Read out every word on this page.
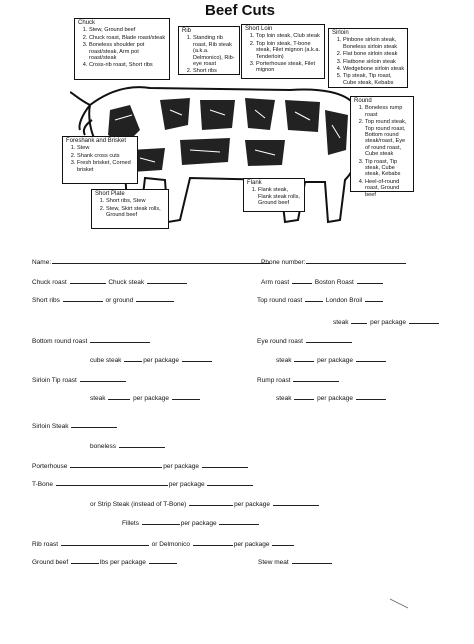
Beef Cuts
Chuck
1. Stew, Ground beef
2. Chuck roast, Blade roast/steak
3. Boneless shoulder pot roast/steak, Arm pot roast/steak
4. Cross-rib roast, Short ribs
Rib
1. Standing rib roast, Rib steak (a.k.a. Delmonico), Rib-eye roast
2. Short ribs
Short Loin
1. Top loin steak, Club steak
2. Top loin steak, T-bone steak, Filet mignon (a.k.a. Tenderloin)
3. Porterhouse steak, Filet mignon
Sirloin
1. Pinbone sirloin steak, Boneless sirloin steak
2. Flat bone sirloin steak
3. Flatbone sirloin steak
4. Wedgebone sirloin steak
5. Tip steak, Tip roast, Cube steak, Kebabs
Round
1. Boneless rump roast
2. Top round steak, Top round roast, Bottom round steak/roast, Eye of round roast, Cube steak
3. Tip roast, Tip steak, Cube steak, Kebabs
4. Heel-of-round roast, Ground beef
Foreshank and Brisket
1. Stew
2. Shank cross cuts
3. Fresh brisket, Corned brisket
Short Plate
1. Short ribs, Stew
2. Stew, Skirt steak rolls, Ground beef
Flank
1. Flank steak, Flank steak rolls, Ground beef
Name:	Phone number:
Chuck roast	Chuck steak	Arm roast	Boston Roast
Short ribs	or ground	Top round roast	London Broil
steak	per package
Bottom round roast	Eye round roast
cube steak	per package	steak	per package
Sirloin Tip roast	Rump roast
steak	per package	steak	per package
Sirloin Steak
boneless
Porterhouse	per package
T-Bone	per package
or Strip Steak (instead of T-Bone)	per package
Fillets	per package
Rib roast	or Delmonico	per package
Ground beef	lbs per package	Stew meat
